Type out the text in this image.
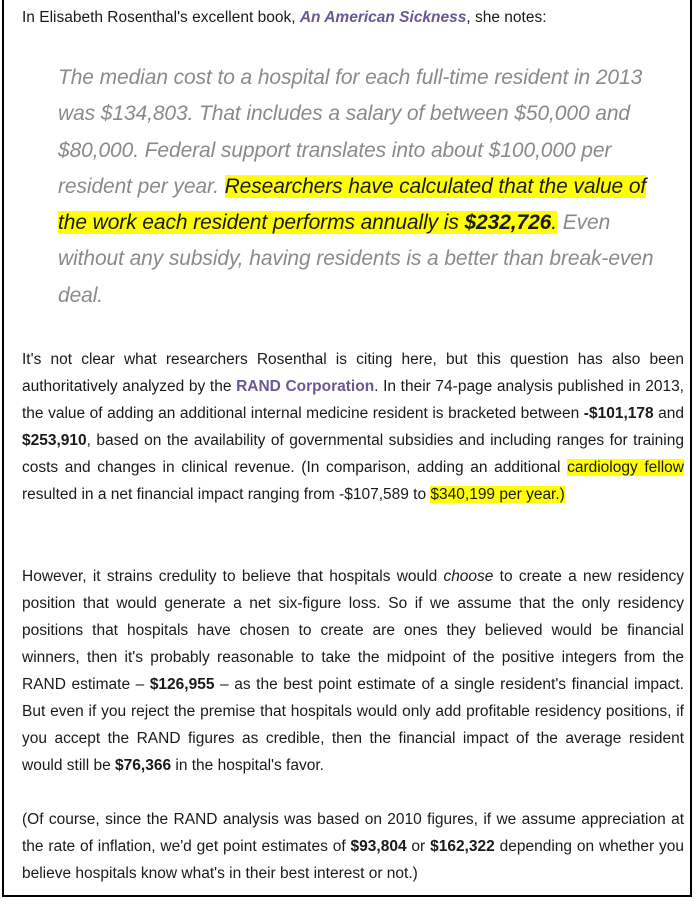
In Elisabeth Rosenthal's excellent book, An American Sickness, she notes:

The median cost to a hospital for each full-time resident in 2013 was $134,803. That includes a salary of between $50,000 and $80,000. Federal support translates into about $100,000 per resident per year. Researchers have calculated that the value of the work each resident performs annually is $232,726. Even without any subsidy, having residents is a better than break-even deal.

It's not clear what researchers Rosenthal is citing here, but this question has also been authoritatively analyzed by the RAND Corporation. In their 74-page analysis published in 2013, the value of adding an additional internal medicine resident is bracketed between -$101,178 and $253,910, based on the availability of governmental subsidies and including ranges for training costs and changes in clinical revenue. (In comparison, adding an additional cardiology fellow resulted in a net financial impact ranging from -$107,589 to $340,199 per year.)

However, it strains credulity to believe that hospitals would choose to create a new residency position that would generate a net six-figure loss. So if we assume that the only residency positions that hospitals have chosen to create are ones they believed would be financial winners, then it's probably reasonable to take the midpoint of the positive integers from the RAND estimate – $126,955 – as the best point estimate of a single resident's financial impact. But even if you reject the premise that hospitals would only add profitable residency positions, if you accept the RAND figures as credible, then the financial impact of the average resident would still be $76,366 in the hospital's favor.

(Of course, since the RAND analysis was based on 2010 figures, if we assume appreciation at the rate of inflation, we'd get point estimates of $93,804 or $162,322 depending on whether you believe hospitals know what's in their best interest or not.)
